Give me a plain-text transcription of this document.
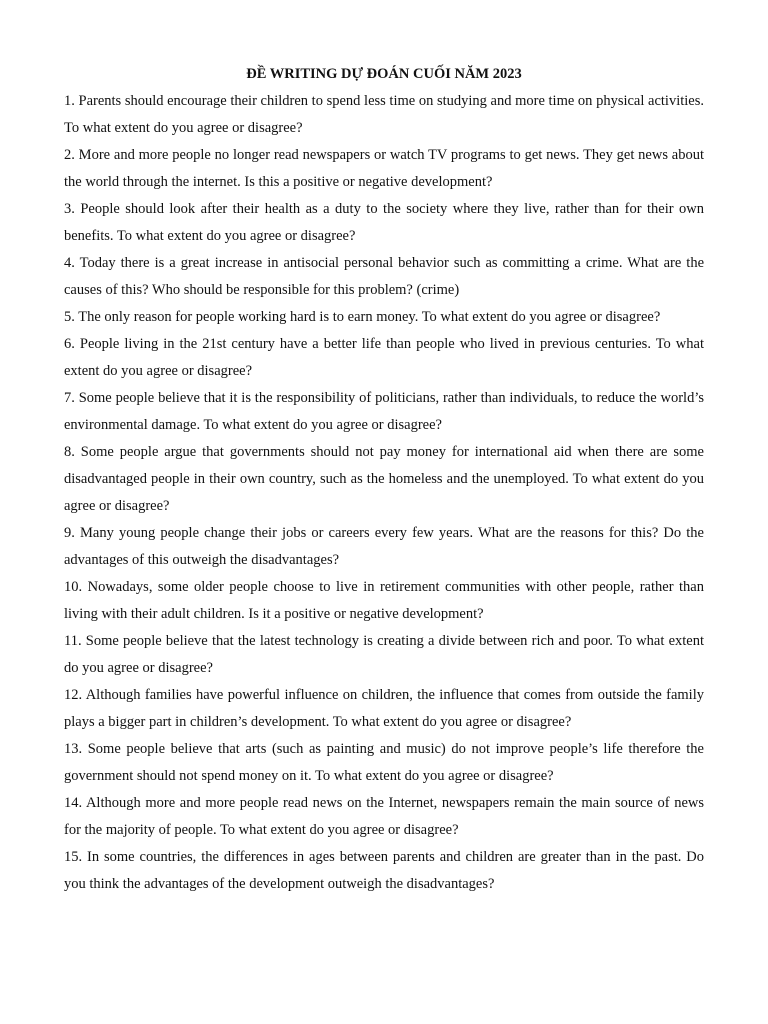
ĐỀ WRITING DỰ ĐOÁN CUỐI NĂM 2023

1. Parents should encourage their children to spend less time on studying and more time on physical activities. To what extent do you agree or disagree?

2. More and more people no longer read newspapers or watch TV programs to get news. They get news about the world through the internet. Is this a positive or negative development?

3. People should look after their health as a duty to the society where they live, rather than for their own benefits. To what extent do you agree or disagree?

4. Today there is a great increase in antisocial personal behavior such as committing a crime. What are the causes of this? Who should be responsible for this problem? (crime)

5. The only reason for people working hard is to earn money. To what extent do you agree or disagree?

6. People living in the 21st century have a better life than people who lived in previous centuries. To what extent do you agree or disagree?

7. Some people believe that it is the responsibility of politicians, rather than individuals, to reduce the world’s environmental damage. To what extent do you agree or disagree?

8. Some people argue that governments should not pay money for international aid when there are some disadvantaged people in their own country, such as the homeless and the unemployed. To what extent do you agree or disagree?

9. Many young people change their jobs or careers every few years. What are the reasons for this? Do the advantages of this outweigh the disadvantages?

10. Nowadays, some older people choose to live in retirement communities with other people, rather than living with their adult children. Is it a positive or negative development?

11. Some people believe that the latest technology is creating a divide between rich and poor. To what extent do you agree or disagree?

12. Although families have powerful influence on children, the influence that comes from outside the family plays a bigger part in children’s development. To what extent do you agree or disagree?

13. Some people believe that arts (such as painting and music) do not improve people’s life therefore the government should not spend money on it. To what extent do you agree or disagree?

14. Although more and more people read news on the Internet, newspapers remain the main source of news for the majority of people. To what extent do you agree or disagree?

15. In some countries, the differences in ages between parents and children are greater than in the past. Do you think the advantages of the development outweigh the disadvantages?
